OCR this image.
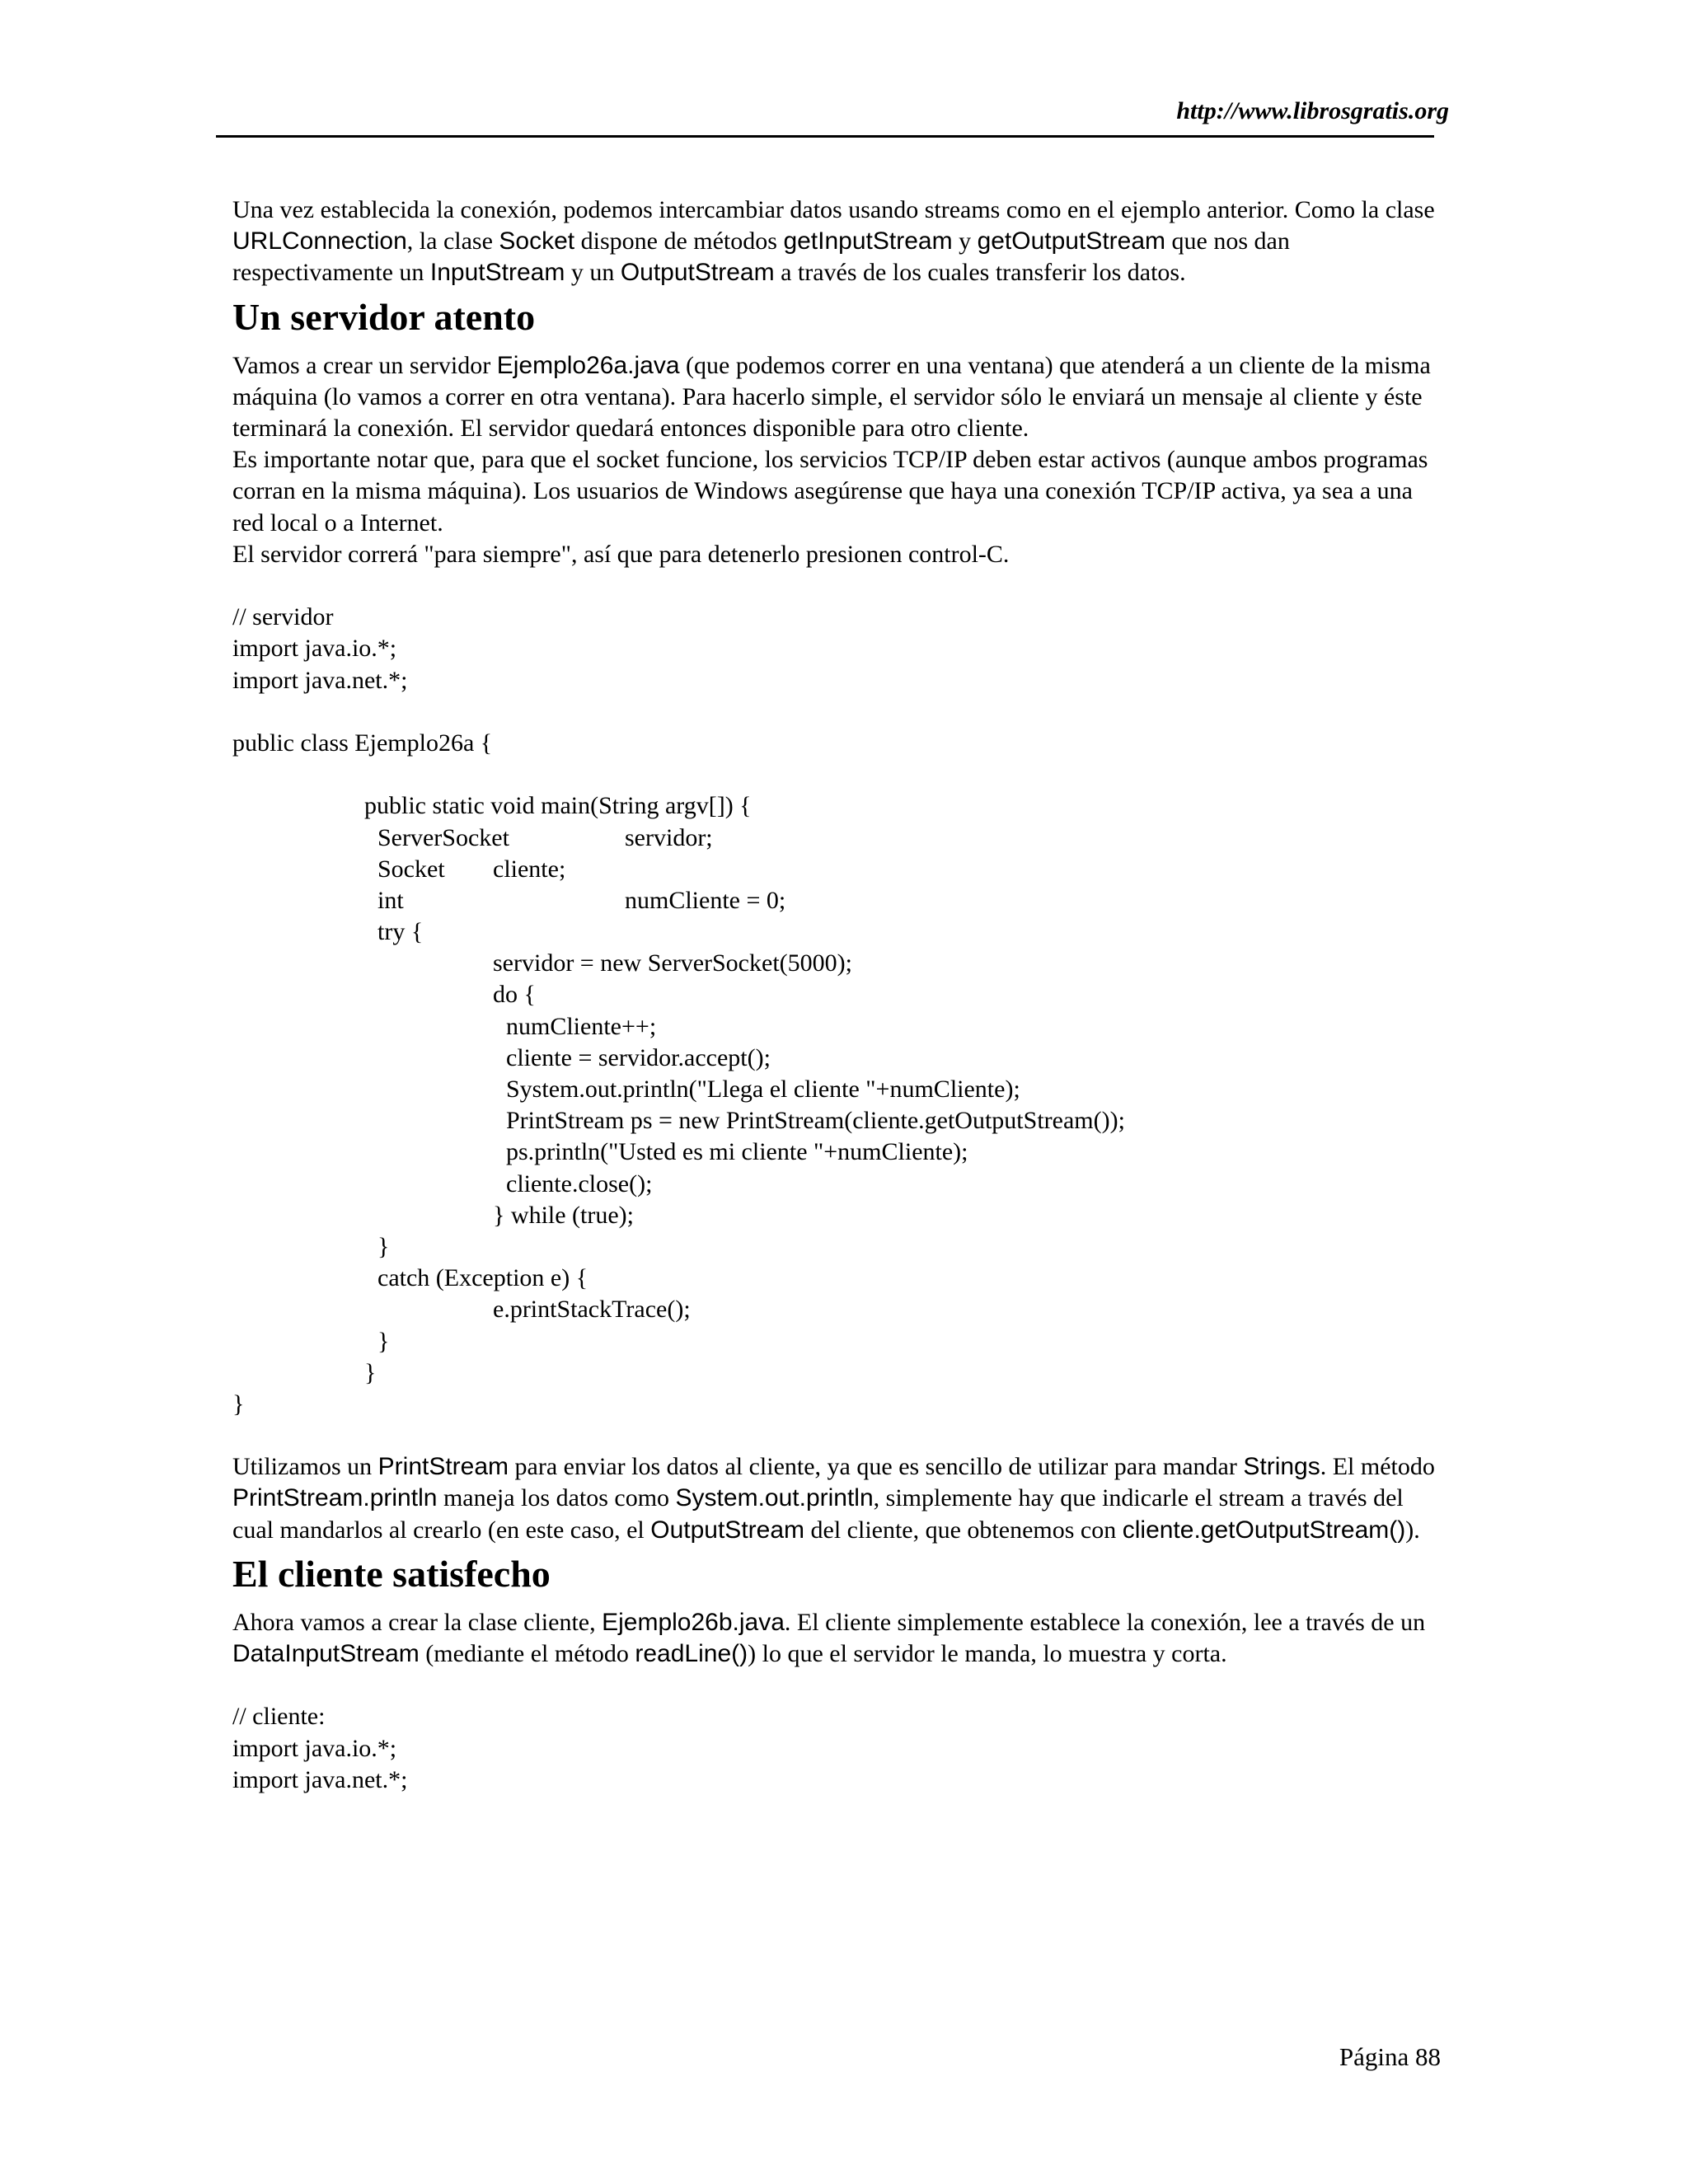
http://www.librosgratis.org

Una vez establecida la conexión, podemos intercambiar datos usando streams como en el ejemplo anterior. Como la clase URLConnection, la clase Socket dispone de métodos getInputStream y getOutputStream que nos dan respectivamente un InputStream y un OutputStream a través de los cuales transferir los datos.

Un servidor atento

Vamos a crear un servidor Ejemplo26a.java (que podemos correr en una ventana) que atenderá a un cliente de la misma máquina (lo vamos a correr en otra ventana). Para hacerlo simple, el servidor sólo le enviará un mensaje al cliente y éste terminará la conexión. El servidor quedará entonces disponible para otro cliente.

Es importante notar que, para que el socket funcione, los servicios TCP/IP deben estar activos (aunque ambos programas corran en la misma máquina). Los usuarios de Windows asegúrense que haya una conexión TCP/IP activa, ya sea a una red local o a Internet.

El servidor correrá "para siempre", así que para detenerlo presionen control-C.

// servidor
import java.io.*;
import java.net.*;
public class Ejemplo26a {
public static void main(String argv[]) {
ServerSocket	servidor;
Socket cliente;
int	numCliente = 0;
try {
servidor = new ServerSocket(5000);
do {
numCliente++;
cliente = servidor.accept();
System.out.println("Llega el cliente "+numCliente);
PrintStream ps = new PrintStream(cliente.getOutputStream());
ps.println("Usted es mi cliente "+numCliente);
cliente.close();
} while (true);
}
catch (Exception e) {
e.printStackTrace();
}
}
}

Utilizamos un PrintStream para enviar los datos al cliente, ya que es sencillo de utilizar para mandar Strings. El método PrintStream.println maneja los datos como System.out.println, simplemente hay que indicarle el stream a través del cual mandarlos al crearlo (en este caso, el OutputStream del cliente, que obtenemos con cliente.getOutputStream()).

El cliente satisfecho

Ahora vamos a crear la clase cliente, Ejemplo26b.java. El cliente simplemente establece la conexión, lee a través de un DataInputStream (mediante el método readLine()) lo que el servidor le manda, lo muestra y corta.

// cliente:
import java.io.*;
import java.net.*;
Página 88
